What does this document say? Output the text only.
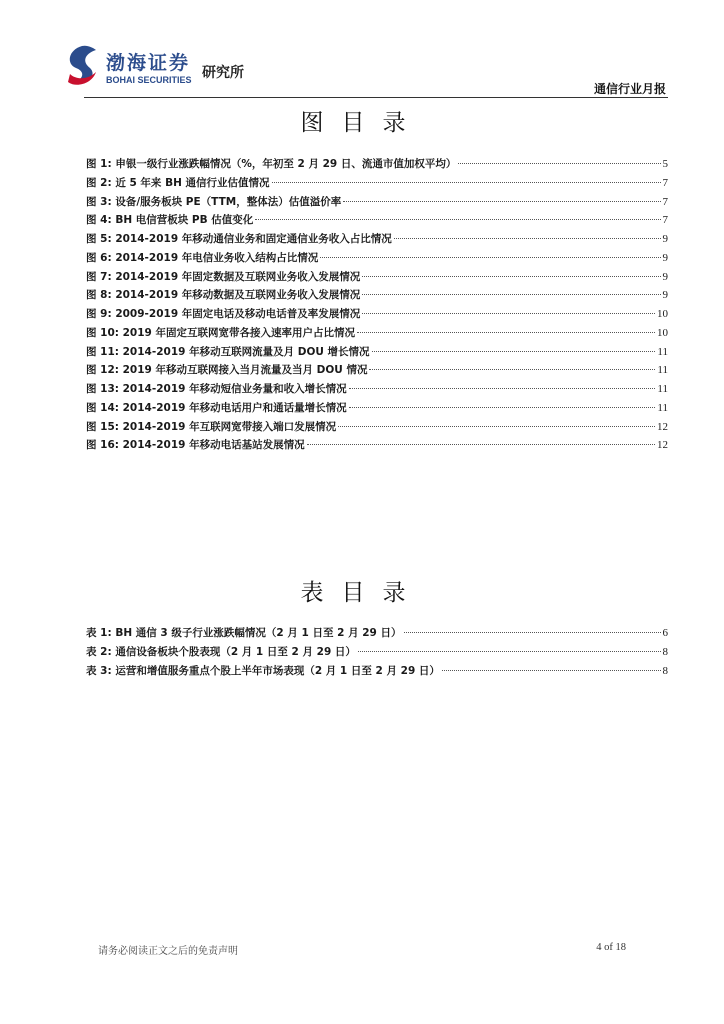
渤海证券
BOHAI SECURITIES 研究所
通信行业月报
图目录
图 1: 申银一级行业涨跌幅情况（%，年初至 2 月 29 日、流通市值加权平均）	5
图 2: 近 5 年来 BH 通信行业估值情况	7
图 3: 设备/服务板块 PE（TTM，整体法）估值溢价率	7
图 4: BH 电信营板块 PB 估值变化	7
图 5: 2014-2019 年移动通信业务和固定通信业务收入占比情况	9
图 6: 2014-2019 年电信业务收入结构占比情况	9
图 7: 2014-2019 年固定数据及互联网业务收入发展情况	9
图 8: 2014-2019 年移动数据及互联网业务收入发展情况	9
图 9: 2009-2019 年固定电话及移动电话普及率发展情况	10
图 10: 2019 年固定互联网宽带各接入速率用户占比情况	10
图 11: 2014-2019 年移动互联网流量及月 DOU 增长情况	11
图 12: 2019 年移动互联网接入当月流量及当月 DOU 情况	11
图 13: 2014-2019 年移动短信业务量和收入增长情况	11
图 14: 2014-2019 年移动电话用户和通话量增长情况	11
图 15: 2014-2019 年互联网宽带接入端口发展情况	12
图 16: 2014-2019 年移动电话基站发展情况	12
表目录
表 1: BH 通信 3 级子行业涨跌幅情况（2 月 1 日至 2 月 29 日）	6
表 2: 通信设备板块个股表现（2 月 1 日至 2 月 29 日）	8
表 3: 运营和增值服务重点个股上半年市场表现（2 月 1 日至 2 月 29 日）	8
请务必阅读正文之后的免责声明	4 of 18
